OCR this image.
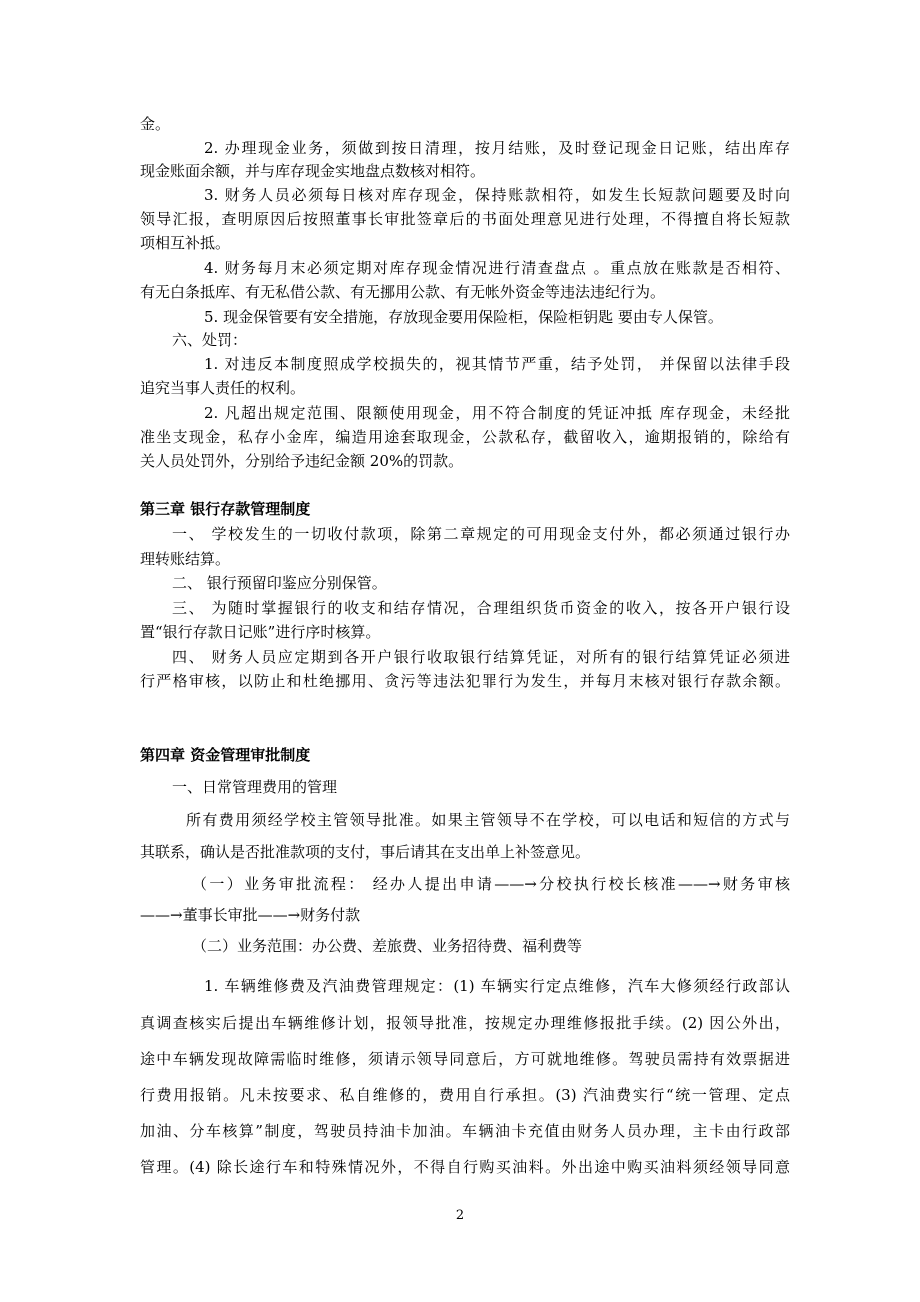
金。
2. 办理现金业务，须做到按日清理，按月结账，及时登记现金日记账，结出库存
现金账面余额，并与库存现金实地盘点数核对相符。
3. 财务人员必须每日核对库存现金，保持账款相符，如发生长短款问题要及时向
领导汇报，查明原因后按照董事长审批签章后的书面处理意见进行处理，不得擅自将长短款
项相互补抵。
4. 财务每月末必须定期对库存现金情况进行清查盘点 。重点放在账款是否相符、
有无白条抵库、有无私借公款、有无挪用公款、有无帐外资金等违法违纪行为。
5. 现金保管要有安全措施，存放现金要用保险柜，保险柜钥匙 要由专人保管。
六、处罚：
1. 对违反本制度照成学校损失的，视其情节严重，结予处罚， 并保留以法律手段
追究当事人责任的权利。
2. 凡超出规定范围、限额使用现金，用不符合制度的凭证冲抵 库存现金，未经批
准坐支现金，私存小金库，编造用途套取现金，公款私存，截留收入，逾期报销的，除给有
关人员处罚外，分别给予违纪金额 20%的罚款。
第三章 银行存款管理制度
一、 学校发生的一切收付款项，除第二章规定的可用现金支付外，都必须通过银行办
理转账结算。
二、 银行预留印鉴应分别保管。
三、 为随时掌握银行的收支和结存情况，合理组织货币资金的收入，按各开户银行设
置“银行存款日记账”进行序时核算。
四、 财务人员应定期到各开户银行收取银行结算凭证，对所有的银行结算凭证必须进
行严格审核，以防止和杜绝挪用、贪污等违法犯罪行为发生，并每月末核对银行存款余额。
第四章 资金管理审批制度
一、日常管理费用的管理
所有费用须经学校主管领导批准。如果主管领导不在学校，可以电话和短信的方式与
其联系，确认是否批准款项的支付，事后请其在支出单上补签意见。
（一）业务审批流程： 经办人提出申请——→分校执行校长核准——→财务审核
——→董事长审批——→财务付款
（二）业务范围：办公费、差旅费、业务招待费、福利费等
1. 车辆维修费及汽油费管理规定：(1) 车辆实行定点维修，汽车大修须经行政部认
真调查核实后提出车辆维修计划，报领导批准，按规定办理维修报批手续。(2) 因公外出，
途中车辆发现故障需临时维修，须请示领导同意后，方可就地维修。驾驶员需持有效票据进
行费用报销。凡未按要求、私自维修的，费用自行承担。(3) 汽油费实行“统一管理、定点
加油、分车核算”制度，驾驶员持油卡加油。车辆油卡充值由财务人员办理，主卡由行政部
管理。(4) 除长途行车和特殊情况外，不得自行购买油料。外出途中购买油料须经领导同意
2
